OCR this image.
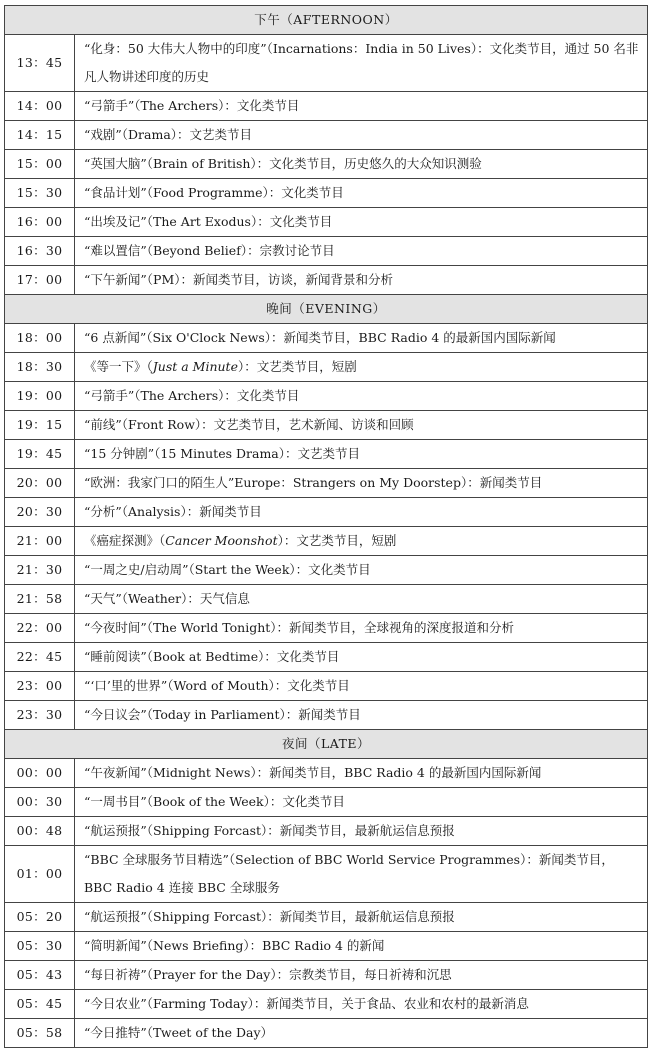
下午（AFTERNOON）	
13：45	“化身：50 大伟大人物中的印度”（Incarnations：India in 50 Lives）：文化类节目，通过 50 名非凡人物讲述印度的历史
14：00	“弓箭手”（The Archers）：文化类节目
14：15	“戏剧”（Drama）：文艺类节目
15：00	“英国大脑”（Brain of British）：文化类节目，历史悠久的大众知识测验
15：30	“食品计划”（Food Programme）：文化类节目
16：00	“出埃及记”（The Art Exodus）：文化类节目
16：30	“难以置信”（Beyond Belief）：宗教讨论节目
17：00	“下午新闻”（PM）：新闻类节目，访谈，新闻背景和分析
晚间（EVENING）	
18：00	“6 点新闻”（Six O'Clock News）：新闻类节目，BBC Radio 4 的最新国内国际新闻
18：30	《等一下》（Just a Minute）：文艺类节目，短剧
19：00	“弓箭手”（The Archers）：文化类节目
19：15	“前线”（Front Row）：文艺类节目，艺术新闻、访谈和回顾
19：45	“15 分钟剧”（15 Minutes Drama）：文艺类节目
20：00	“欧洲：我家门口的陌生人”Europe：Strangers on My Doorstep）：新闻类节目
20：30	“分析”（Analysis）：新闻类节目
21：00	《癌症探测》（Cancer Moonshot）：文艺类节目，短剧
21：30	“一周之史/启动周”（Start the Week）：文化类节目
21：58	“天气”（Weather）：天气信息
22：00	“今夜时间”（The World Tonight）：新闻类节目，全球视角的深度报道和分析
22：45	“睡前阅读”（Book at Bedtime）：文化类节目
23：00	“‘口’里的世界”（Word of Mouth）：文化类节目
23：30	“今日议会”（Today in Parliament）：新闻类节目
夜间（LATE）	
00：00	“午夜新闻”（Midnight News）：新闻类节目，BBC Radio 4 的最新国内国际新闻
00：30	“一周书目”（Book of the Week）：文化类节目
00：48	“航运预报”（Shipping Forcast）：新闻类节目，最新航运信息预报
01：00	“BBC 全球服务节目精选”（Selection of BBC World Service Programmes）：新闻类节目，BBC Radio 4 连接 BBC 全球服务
05：20	“航运预报”（Shipping Forcast）：新闻类节目，最新航运信息预报
05：30	“简明新闻”（News Briefing）：BBC Radio 4 的新闻
05：43	“每日祈祷”（Prayer for the Day）：宗教类节目，每日祈祷和沉思
05：45	“今日农业”（Farming Today）：新闻类节目，关于食品、农业和农村的最新消息
05：58	“今日推特”（Tweet of the Day）
